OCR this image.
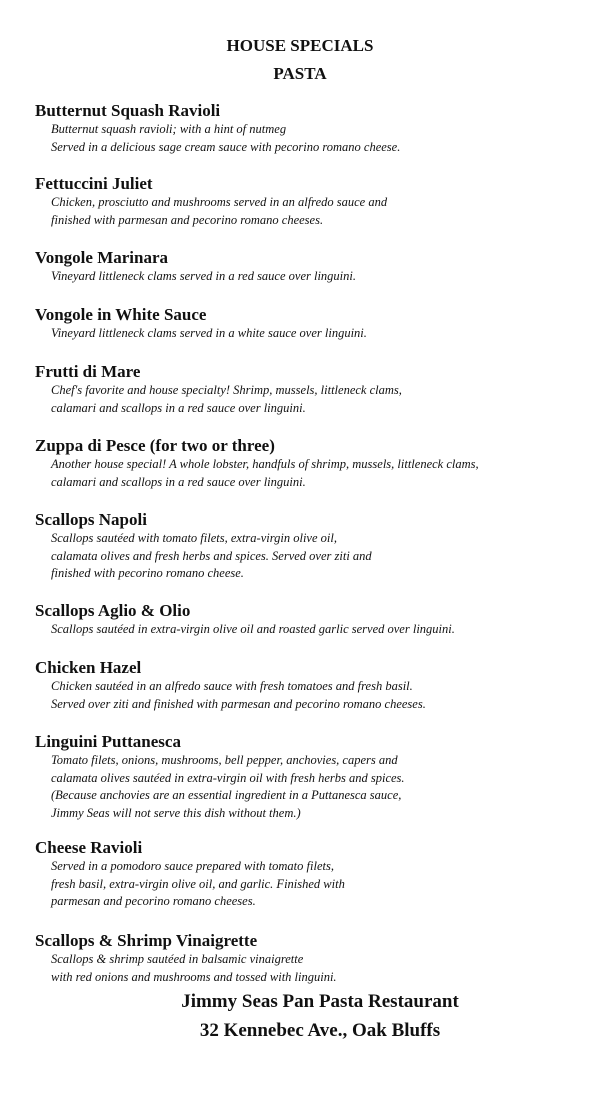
HOUSE SPECIALS
PASTA
Butternut Squash Ravioli
Butternut squash ravioli; with a hint of nutmeg
Served in a delicious sage cream sauce with pecorino romano cheese.
Fettuccini Juliet
Chicken, prosciutto and mushrooms served in an alfredo sauce and
finished with parmesan and pecorino romano cheeses.
Vongole Marinara
Vineyard littleneck clams served in a red sauce over linguini.
Vongole in White Sauce
Vineyard littleneck clams served in a white sauce over linguini.
Frutti di Mare
Chef's favorite and house specialty! Shrimp, mussels, littleneck clams,
calamari and scallops in a red sauce over linguini.
Zuppa di Pesce (for two or three)
Another house special! A whole lobster, handfuls of shrimp, mussels, littleneck clams,
calamari and scallops in a red sauce over linguini.
Scallops Napoli
Scallops sautéed with tomato filets, extra-virgin olive oil,
calamata olives and fresh herbs and spices. Served over ziti and
finished with pecorino romano cheese.
Scallops Aglio & Olio
Scallops sautéed in extra-virgin olive oil and roasted garlic served over linguini.
Chicken Hazel
Chicken sautéed in an alfredo sauce with fresh tomatoes and fresh basil.
Served over ziti and finished with parmesan and pecorino romano cheeses.
Linguini Puttanesca
Tomato filets, onions, mushrooms, bell pepper, anchovies, capers and
calamata olives sautéed in extra-virgin oil with fresh herbs and spices.
(Because anchovies are an essential ingredient in a Puttanesca sauce,
Jimmy Seas will not serve this dish without them.)
Cheese Ravioli
Served in a pomodoro sauce prepared with tomato filets,
fresh basil, extra-virgin olive oil, and garlic. Finished with
parmesan and pecorino romano cheeses.
Scallops & Shrimp Vinaigrette
Scallops & shrimp sautéed in balsamic vinaigrette
with red onions and mushrooms and tossed with linguini.
Jimmy Seas Pan Pasta Restaurant
32 Kennebec Ave., Oak Bluffs
